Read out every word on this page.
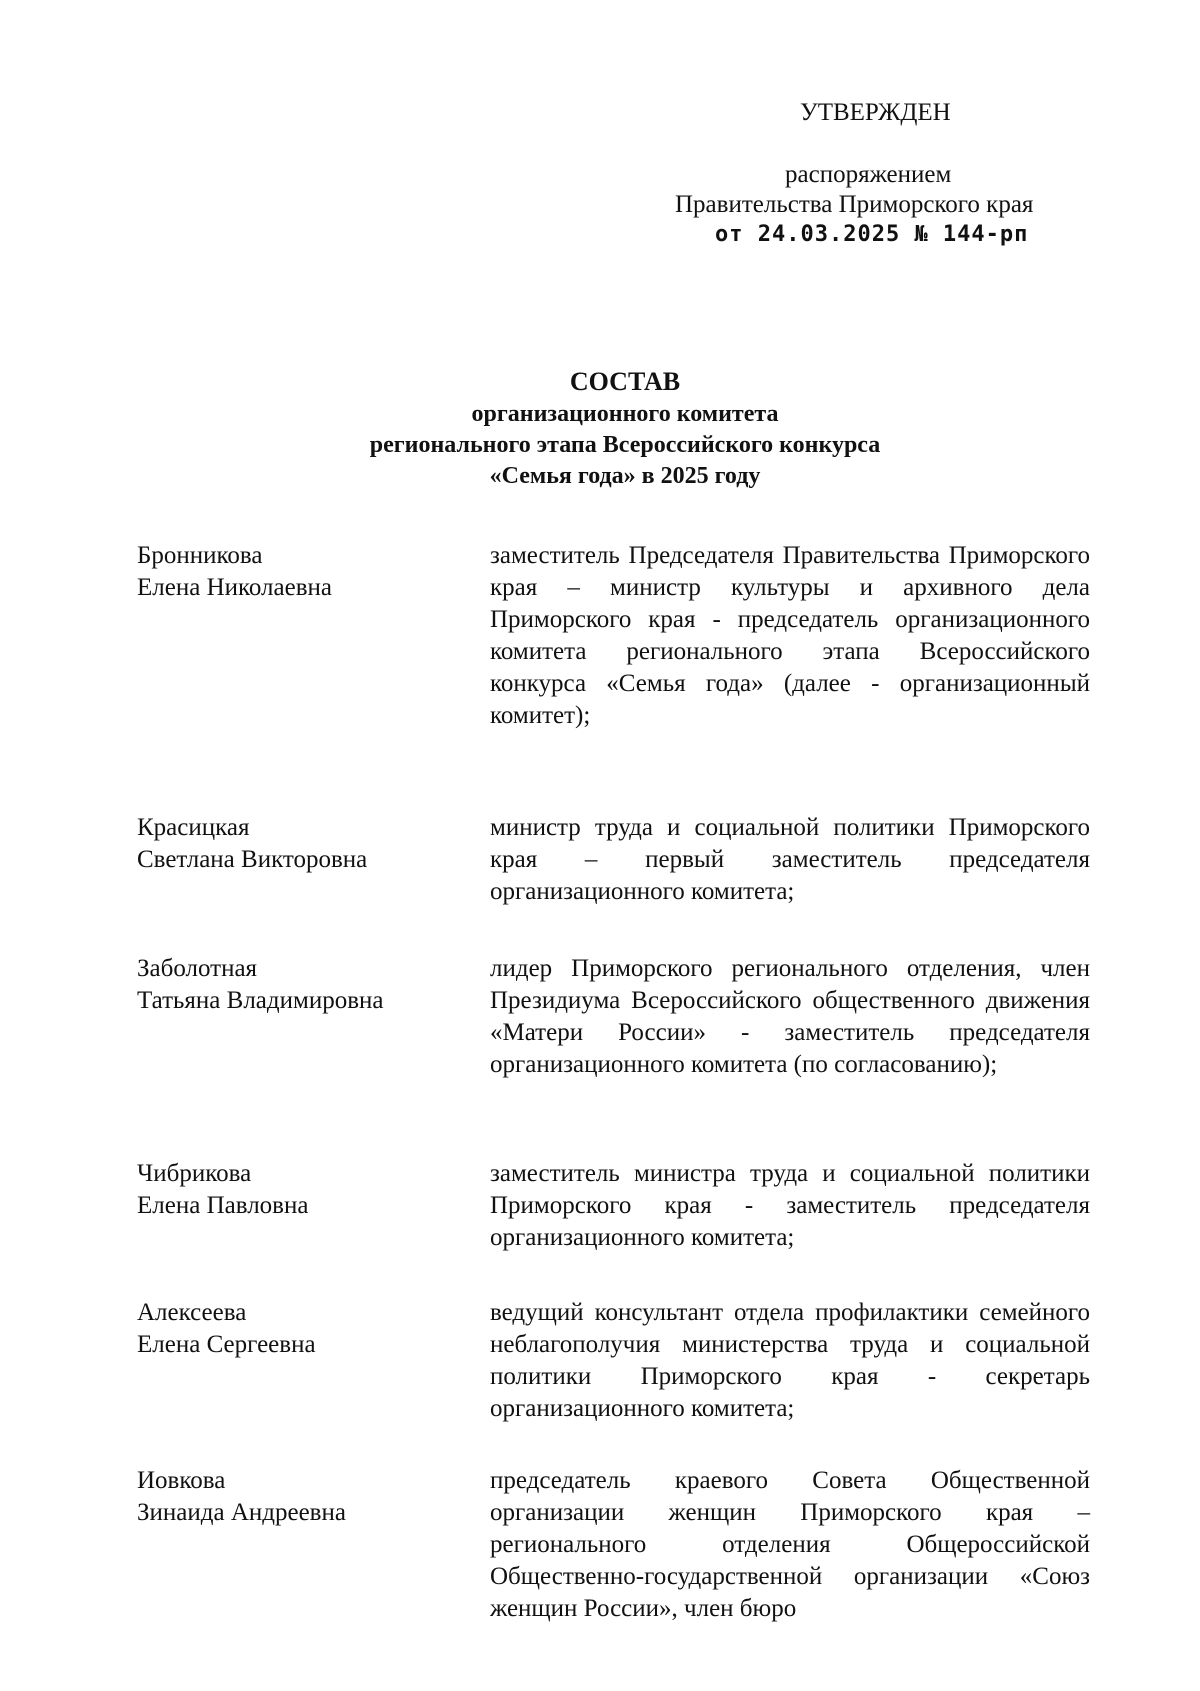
УТВЕРЖДЕН
распоряжением
Правительства Приморского края
от 24.03.2025 № 144-рп
СОСТАВ
организационного комитета
регионального этапа Всероссийского конкурса
«Семья года» в 2025 году
Бронникова
Елена Николаевна
заместитель Председателя Правительства Приморского края – министр культуры и архивного дела Приморского края - председатель организационного комитета регионального этапа Всероссийского конкурса «Семья года» (далее - организационный комитет);
Красицкая
Светлана Викторовна
министр труда и социальной политики Приморского края – первый заместитель председателя организационного комитета;
Заболотная
Татьяна Владимировна
лидер Приморского регионального отделения, член Президиума Всероссийского общественного движения «Матери России» - заместитель председателя организационного комитета (по согласованию);
Чибрикова
Елена Павловна
заместитель министра труда и социальной политики Приморского края - заместитель председателя организационного комитета;
Алексеева
Елена Сергеевна
ведущий консультант отдела профилактики семейного неблагополучия министерства труда и социальной политики Приморского края - секретарь организационного комитета;
Иовкова
Зинаида Андреевна
председатель краевого Совета Общественной организации женщин Приморского края – регионального отделения Общероссийской Общественно-государственной организации «Союз женщин России», член бюро
